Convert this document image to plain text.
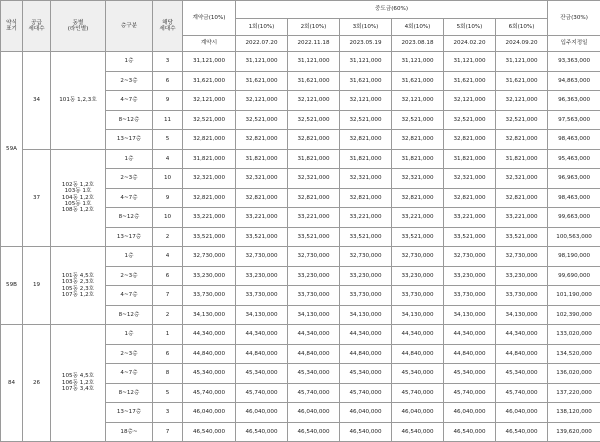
약식
표기	공급
세대수	동별
(라인별)	층구분	해당
세대수	계약금(10%)	중도금(60%)						잔금(30%)
						1회(10%)	2회(10%)	3회(10%)	4회(10%)	5회(10%)	6회(10%)	
					계약시	2022.07.20	2022.11.18	2023.05.19	2023.08.18	2024.02.20	2024.09.20	입주지정일
59A	34	101동 1,2,3호	1층	3	31,121,000	31,121,000	31,121,000	31,121,000	31,121,000	31,121,000	31,121,000	93,363,000
			2~3층	6	31,621,000	31,621,000	31,621,000	31,621,000	31,621,000	31,621,000	31,621,000	94,863,000
			4~7층	9	32,121,000	32,121,000	32,121,000	32,121,000	32,121,000	32,121,000	32,121,000	96,363,000
			8~12층	11	32,521,000	32,521,000	32,521,000	32,521,000	32,521,000	32,521,000	32,521,000	97,563,000
			13~17층	5	32,821,000	32,821,000	32,821,000	32,821,000	32,821,000	32,821,000	32,821,000	98,463,000
	37	102동 1,2호
103동 1호
104동 1,2호
105동 1호
108동 1,2호	1층	4	31,821,000	31,821,000	31,821,000	31,821,000	31,821,000	31,821,000	31,821,000	95,463,000
			2~3층	10	32,321,000	32,321,000	32,321,000	32,321,000	32,321,000	32,321,000	32,321,000	96,963,000
			4~7층	9	32,821,000	32,821,000	32,821,000	32,821,000	32,821,000	32,821,000	32,821,000	98,463,000
			8~12층	10	33,221,000	33,221,000	33,221,000	33,221,000	33,221,000	33,221,000	33,221,000	99,663,000
			13~17층	2	33,521,000	33,521,000	33,521,000	33,521,000	33,521,000	33,521,000	33,521,000	100,563,000
59B	19	101동 4,5호
103동 2,3호
105동 2,3호
107동 1,2호	1층	4	32,730,000	32,730,000	32,730,000	32,730,000	32,730,000	32,730,000	32,730,000	98,190,000
			2~3층	6	33,230,000	33,230,000	33,230,000	33,230,000	33,230,000	33,230,000	33,230,000	99,690,000
			4~7층	7	33,730,000	33,730,000	33,730,000	33,730,000	33,730,000	33,730,000	33,730,000	101,190,000
			8~12층	2	34,130,000	34,130,000	34,130,000	34,130,000	34,130,000	34,130,000	34,130,000	102,390,000
84	26	105동 4,5호
106동 1,2호
107동 3,4호	1층	1	44,340,000	44,340,000	44,340,000	44,340,000	44,340,000	44,340,000	44,340,000	133,020,000
			2~3층	6	44,840,000	44,840,000	44,840,000	44,840,000	44,840,000	44,840,000	44,840,000	134,520,000
			4~7층	8	45,340,000	45,340,000	45,340,000	45,340,000	45,340,000	45,340,000	45,340,000	136,020,000
			8~12층	5	45,740,000	45,740,000	45,740,000	45,740,000	45,740,000	45,740,000	45,740,000	137,220,000
			13~17층	3	46,040,000	46,040,000	46,040,000	46,040,000	46,040,000	46,040,000	46,040,000	138,120,000
			18층~	7	46,540,000	46,540,000	46,540,000	46,540,000	46,540,000	46,540,000	46,540,000	139,620,000
